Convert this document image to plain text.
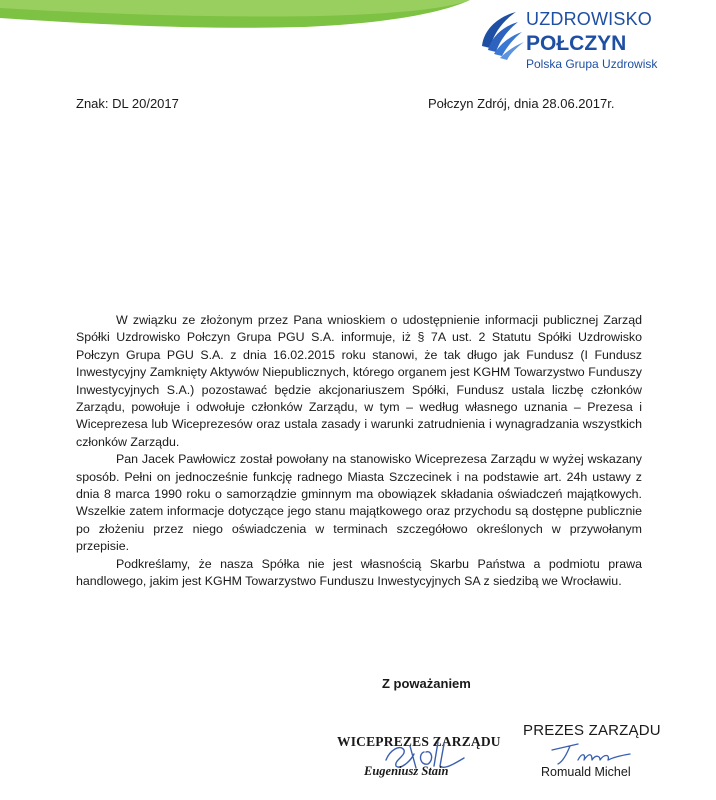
UZDROWISKO
POŁCZYN
Polska Grupa Uzdrowisk
Znak: DL 20/2017	Połczyn Zdrój, dnia 28.06.2017r.

W związku ze złożonym przez Pana wnioskiem o udostępnienie informacji publicznej Zarząd Spółki Uzdrowisko Połczyn Grupa PGU S.A. informuje, iż § 7A ust. 2 Statutu Spółki Uzdrowisko Połczyn Grupa PGU S.A. z dnia 16.02.2015 roku stanowi, że tak długo jak Fundusz (I Fundusz Inwestycyjny Zamknięty Aktywów Niepublicznych, którego organem jest KGHM Towarzystwo Funduszy Inwestycyjnych S.A.) pozostawać będzie akcjonariuszem Spółki, Fundusz ustala liczbę członków Zarządu, powołuje i odwołuje członków Zarządu, w tym – według własnego uznania – Prezesa i Wiceprezesa lub Wiceprezesów oraz ustala zasady i warunki zatrudnienia i wynagradzania wszystkich członków Zarządu.

Pan Jacek Pawłowicz został powołany na stanowisko Wiceprezesa Zarządu w wyżej wskazany sposób. Pełni on jednocześnie funkcję radnego Miasta Szczecinek i na podstawie art. 24h ustawy z dnia 8 marca 1990 roku o samorządzie gminnym ma obowiązek składania oświadczeń majątkowych. Wszelkie zatem informacje dotyczące jego stanu majątkowego oraz przychodu są dostępne publicznie po złożeniu przez niego oświadczenia w terminach szczegółowo określonych w przywołanym przepisie.

Podkreślamy, że nasza Spółka nie jest własnością Skarbu Państwa a podmiotu prawa handlowego, jakim jest KGHM Towarzystwo Funduszu Inwestycyjnych SA z siedzibą we Wrocławiu.

Z poważaniem
WICEPREZES ZARZĄDU
Eugeniusz Stain
PREZES ZARZĄDU
Romuald Michel
